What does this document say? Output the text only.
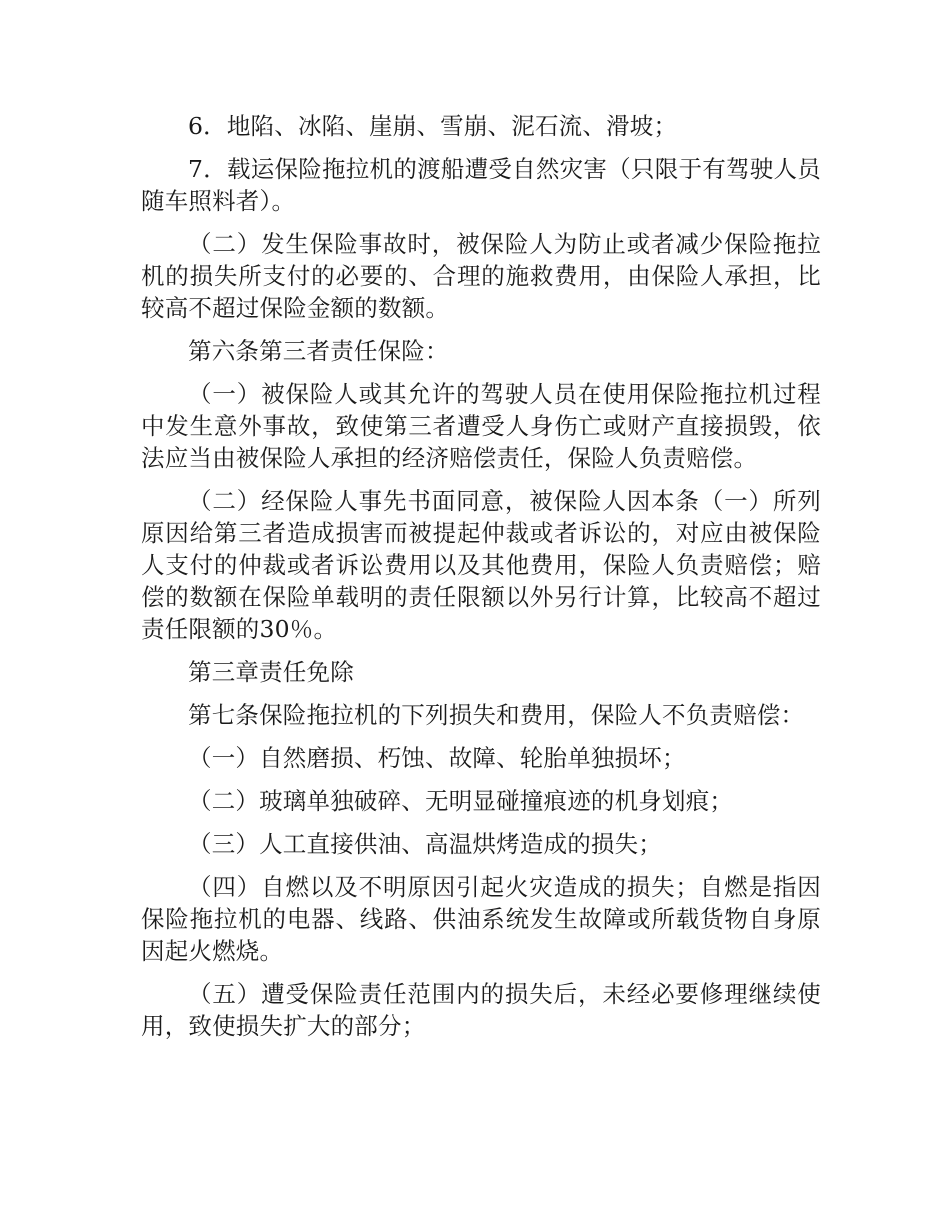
6．地陷、冰陷、崖崩、雪崩、泥石流、滑坡；

7．载运保险拖拉机的渡船遭受自然灾害（只限于有驾驶人员随车照料者）。

（二）发生保险事故时，被保险人为防止或者减少保险拖拉机的损失所支付的必要的、合理的施救费用，由保险人承担，比较高不超过保险金额的数额。

第六条第三者责任保险：

（一）被保险人或其允许的驾驶人员在使用保险拖拉机过程中发生意外事故，致使第三者遭受人身伤亡或财产直接损毁，依法应当由被保险人承担的经济赔偿责任，保险人负责赔偿。

（二）经保险人事先书面同意，被保险人因本条（一）所列原因给第三者造成损害而被提起仲裁或者诉讼的，对应由被保险人支付的仲裁或者诉讼费用以及其他费用，保险人负责赔偿；赔偿的数额在保险单载明的责任限额以外另行计算，比较高不超过责任限额的30％。

第三章责任免除

第七条保险拖拉机的下列损失和费用，保险人不负责赔偿：

（一）自然磨损、朽蚀、故障、轮胎单独损坏；

（二）玻璃单独破碎、无明显碰撞痕迹的机身划痕；

（三）人工直接供油、高温烘烤造成的损失；

（四）自燃以及不明原因引起火灾造成的损失；自燃是指因保险拖拉机的电器、线路、供油系统发生故障或所载货物自身原因起火燃烧。

（五）遭受保险责任范围内的损失后，未经必要修理继续使用，致使损失扩大的部分；
